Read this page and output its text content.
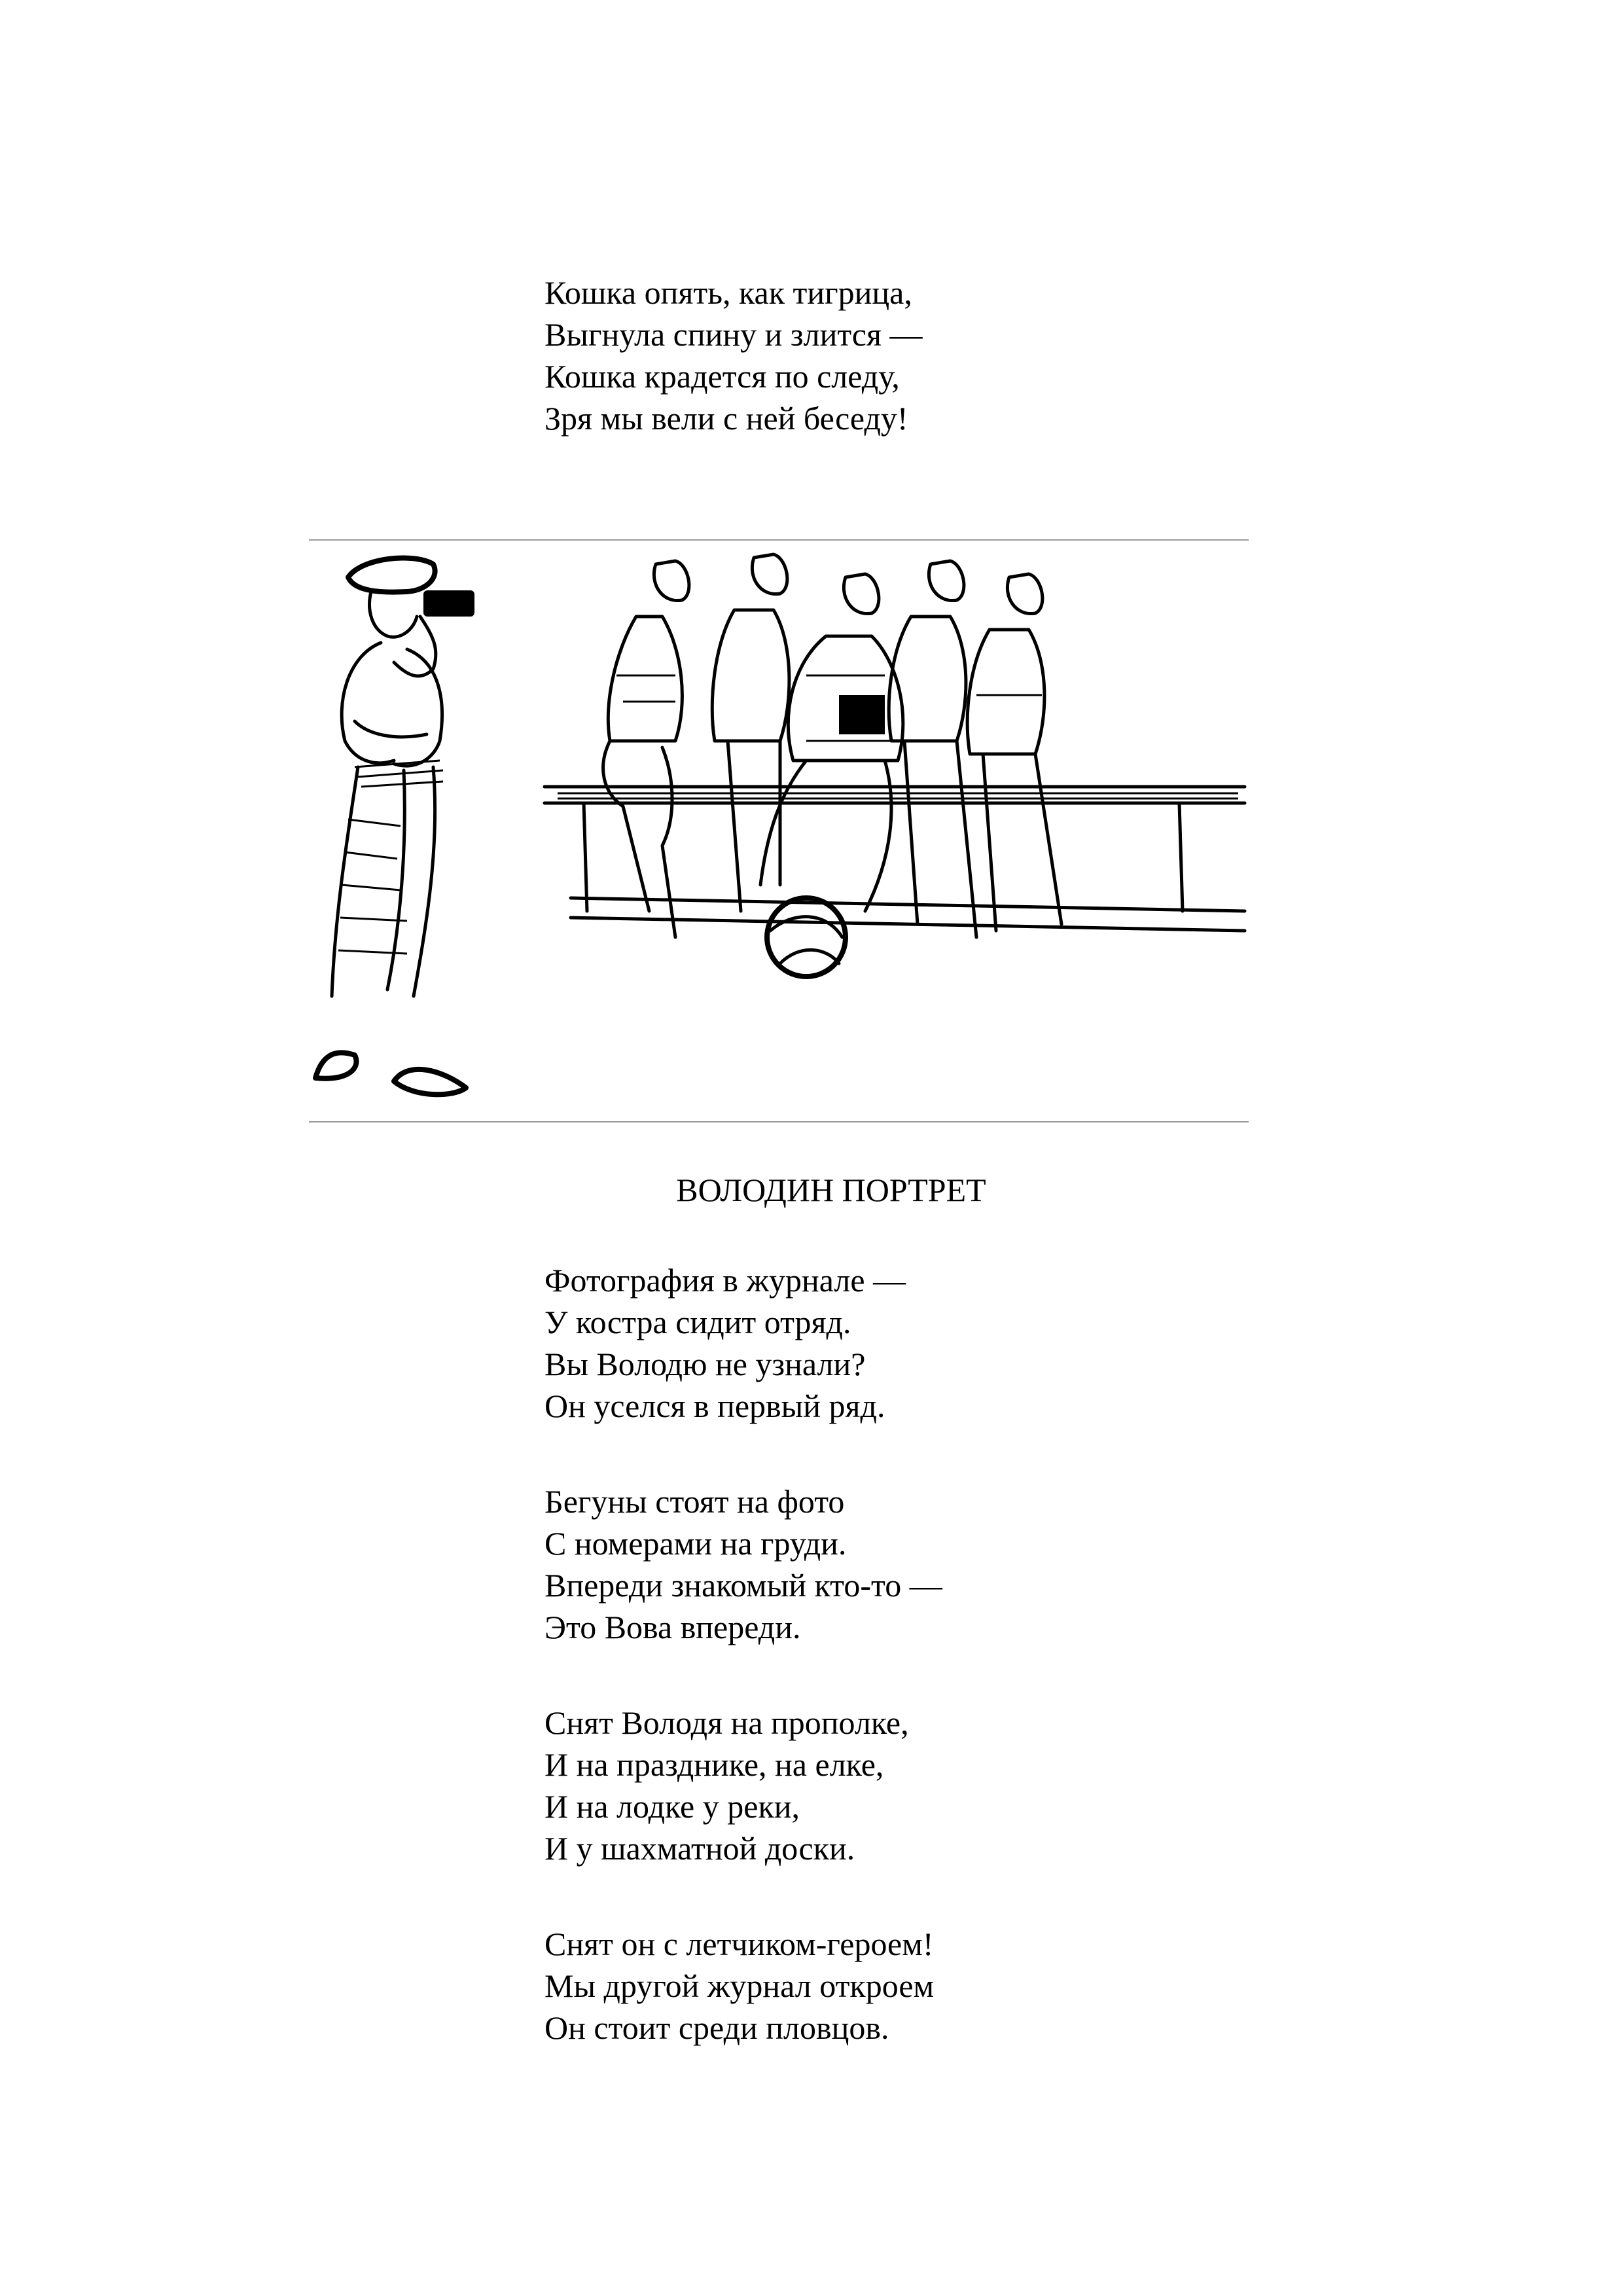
Кошка опять, как тигрица,
Выгнула спину и злится —
Кошка крадется по следу,
Зря мы вели с ней беседу!
ВОЛОДИН ПОРТРЕТ
Фотография в журнале —
У костра сидит отряд.
Вы Володю не узнали?
Он уселся в первый ряд.
Бегуны стоят на фото
С номерами на груди.
Впереди знакомый кто-то —
Это Вова впереди.
Снят Володя на прополке,
И на празднике, на елке,
И на лодке у реки,
И у шахматной доски.
Снят он с летчиком-героем!
Мы другой журнал откроем
Он стоит среди пловцов.
